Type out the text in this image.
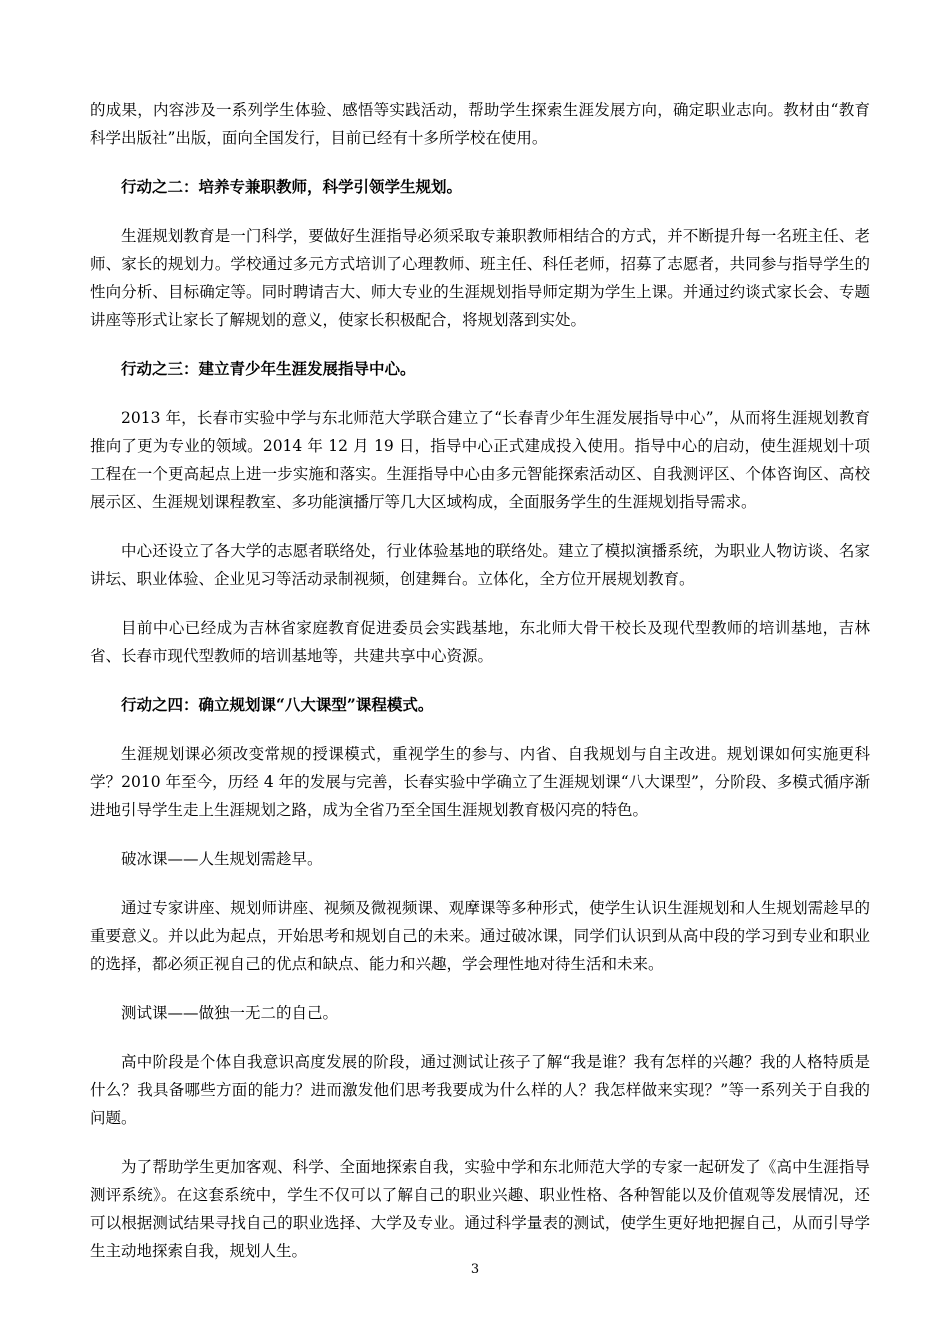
的成果，内容涉及一系列学生体验、感悟等实践活动，帮助学生探索生涯发展方向，确定职业志向。教材由“教育科学出版社”出版，面向全国发行，目前已经有十多所学校在使用。

行动之二：培养专兼职教师，科学引领学生规划。

生涯规划教育是一门科学，要做好生涯指导必须采取专兼职教师相结合的方式，并不断提升每一名班主任、老师、家长的规划力。学校通过多元方式培训了心理教师、班主任、科任老师，招募了志愿者，共同参与指导学生的性向分析、目标确定等。同时聘请吉大、师大专业的生涯规划指导师定期为学生上课。并通过约谈式家长会、专题讲座等形式让家长了解规划的意义，使家长积极配合，将规划落到实处。

行动之三：建立青少年生涯发展指导中心。

2013 年，长春市实验中学与东北师范大学联合建立了“长春青少年生涯发展指导中心”，从而将生涯规划教育推向了更为专业的领域。2014 年 12 月 19 日，指导中心正式建成投入使用。指导中心的启动，使生涯规划十项工程在一个更高起点上进一步实施和落实。生涯指导中心由多元智能探索活动区、自我测评区、个体咨询区、高校展示区、生涯规划课程教室、多功能演播厅等几大区域构成，全面服务学生的生涯规划指导需求。

中心还设立了各大学的志愿者联络处，行业体验基地的联络处。建立了模拟演播系统，为职业人物访谈、名家讲坛、职业体验、企业见习等活动录制视频，创建舞台。立体化，全方位开展规划教育。

目前中心已经成为吉林省家庭教育促进委员会实践基地，东北师大骨干校长及现代型教师的培训基地，吉林省、长春市现代型教师的培训基地等，共建共享中心资源。

行动之四：确立规划课“八大课型”课程模式。

生涯规划课必须改变常规的授课模式，重视学生的参与、内省、自我规划与自主改进。规划课如何实施更科学？2010 年至今，历经 4 年的发展与完善，长春实验中学确立了生涯规划课“八大课型”，分阶段、多模式循序渐进地引导学生走上生涯规划之路，成为全省乃至全国生涯规划教育极闪亮的特色。

破冰课——人生规划需趁早。

通过专家讲座、规划师讲座、视频及微视频课、观摩课等多种形式，使学生认识生涯规划和人生规划需趁早的重要意义。并以此为起点，开始思考和规划自己的未来。通过破冰课，同学们认识到从高中段的学习到专业和职业的选择，都必须正视自己的优点和缺点、能力和兴趣，学会理性地对待生活和未来。

测试课——做独一无二的自己。

高中阶段是个体自我意识高度发展的阶段，通过测试让孩子了解“我是谁？我有怎样的兴趣？我的人格特质是什么？我具备哪些方面的能力？进而激发他们思考我要成为什么样的人？我怎样做来实现？”等一系列关于自我的问题。

为了帮助学生更加客观、科学、全面地探索自我，实验中学和东北师范大学的专家一起研发了《高中生涯指导测评系统》。在这套系统中，学生不仅可以了解自己的职业兴趣、职业性格、各种智能以及价值观等发展情况，还可以根据测试结果寻找自己的职业选择、大学及专业。通过科学量表的测试，使学生更好地把握自己，从而引导学生主动地探索自我，规划人生。

3
